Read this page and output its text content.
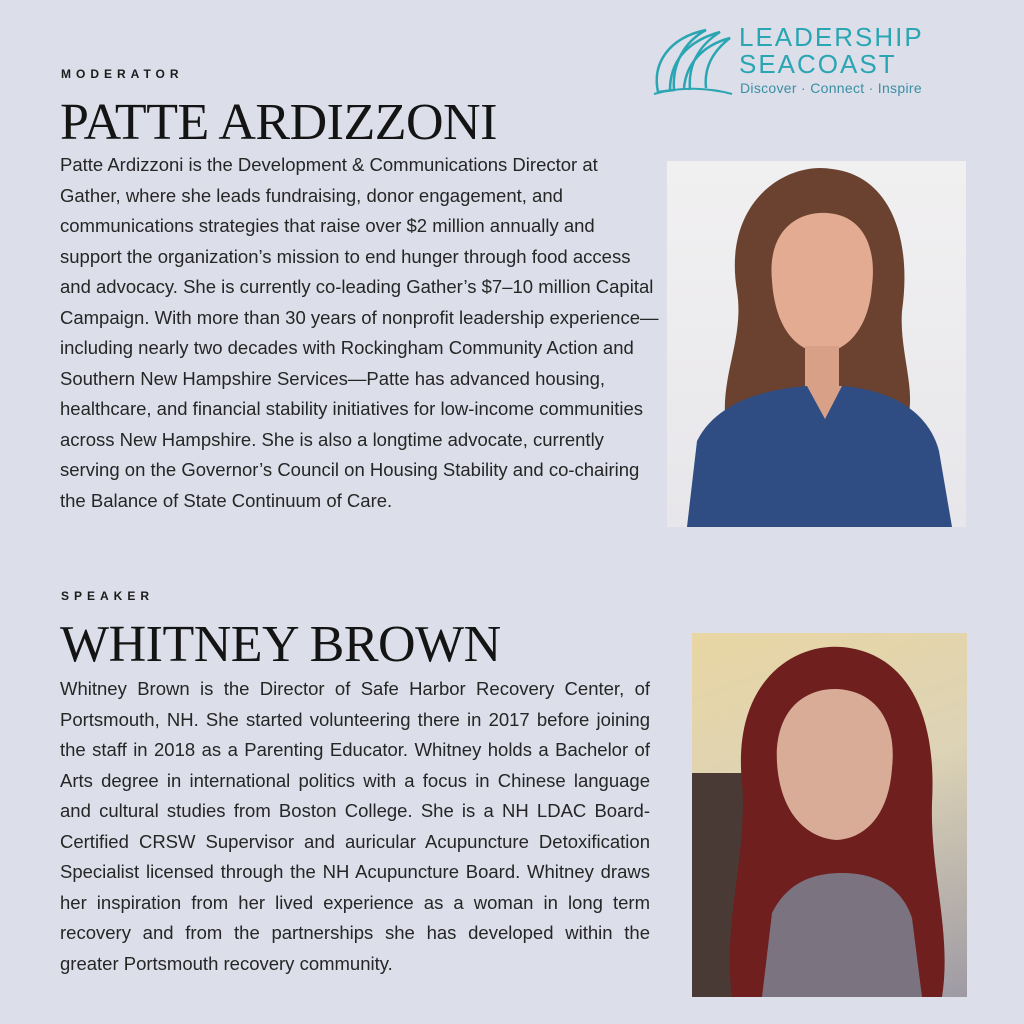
LEADERSHIP
SEACOAST
Discover · Connect · Inspire
MODERATOR
PATTE ARDIZZONI

Patte Ardizzoni is the Development & Communications Director at Gather, where she leads fundraising, donor engagement, and communications strategies that raise over $2 million annually and support the organization’s mission to end hunger through food access and advocacy. She is currently co-leading Gather’s $7–10 million Capital Campaign. With more than 30 years of nonprofit leadership experience—including nearly two decades with Rockingham Community Action and Southern New Hampshire Services—Patte has advanced housing, healthcare, and financial stability initiatives for low-income communities across New Hampshire. She is also a longtime advocate, currently serving on the Governor’s Council on Housing Stability and co-chairing the Balance of State Continuum of Care.

SPEAKER
WHITNEY BROWN

Whitney Brown is the Director of Safe Harbor Recovery Center, of Portsmouth, NH. She started volunteering there in 2017 before joining the staff in 2018 as a Parenting Educator. Whitney holds a Bachelor of Arts degree in international politics with a focus in Chinese language and cultural studies from Boston College. She is a NH LDAC Board-Certified CRSW Supervisor and auricular Acupuncture Detoxification Specialist licensed through the NH Acupuncture Board. Whitney draws her inspiration from her lived experience as a woman in long term recovery and from the partnerships she has developed within the greater Portsmouth recovery community.
